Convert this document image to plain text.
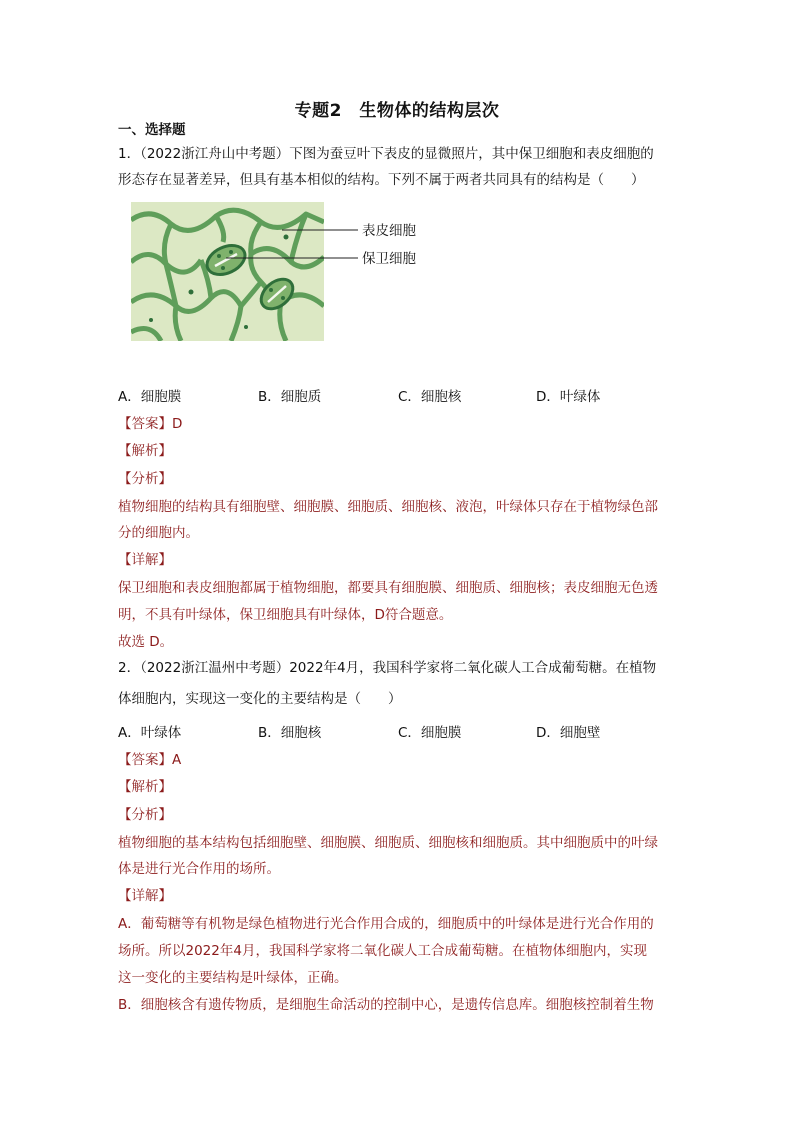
专题2　生物体的结构层次
一、选择题
1．（2022浙江舟山中考题）下图为蚕豆叶下表皮的显微照片，其中保卫细胞和表皮细胞的
形态存在显著差异，但具有基本相似的结构。下列不属于两者共同具有的结构是（　　）
表皮细胞
保卫细胞
A．细胞膜	B．细胞质	C．细胞核	D．叶绿体
【答案】D
【解析】
【分析】
植物细胞的结构具有细胞壁、细胞膜、细胞质、细胞核、液泡，叶绿体只存在于植物绿色部
分的细胞内。
【详解】
保卫细胞和表皮细胞都属于植物细胞，都要具有细胞膜、细胞质、细胞核；表皮细胞无色透
明，不具有叶绿体，保卫细胞具有叶绿体，D符合题意。
故选 D。
2．（2022浙江温州中考题）2022年4月，我国科学家将二氧化碳人工合成葡萄糖。在植物
体细胞内，实现这一变化的主要结构是（　　）
A．叶绿体	B．细胞核	C．细胞膜	D．细胞壁
【答案】A
【解析】
【分析】
植物细胞的基本结构包括细胞壁、细胞膜、细胞质、细胞核和细胞质。其中细胞质中的叶绿
体是进行光合作用的场所。
【详解】
A．葡萄糖等有机物是绿色植物进行光合作用合成的，细胞质中的叶绿体是进行光合作用的
场所。所以2022年4月，我国科学家将二氧化碳人工合成葡萄糖。在植物体细胞内，实现
这一变化的主要结构是叶绿体，正确。
B．细胞核含有遗传物质，是细胞生命活动的控制中心，是遗传信息库。细胞核控制着生物
